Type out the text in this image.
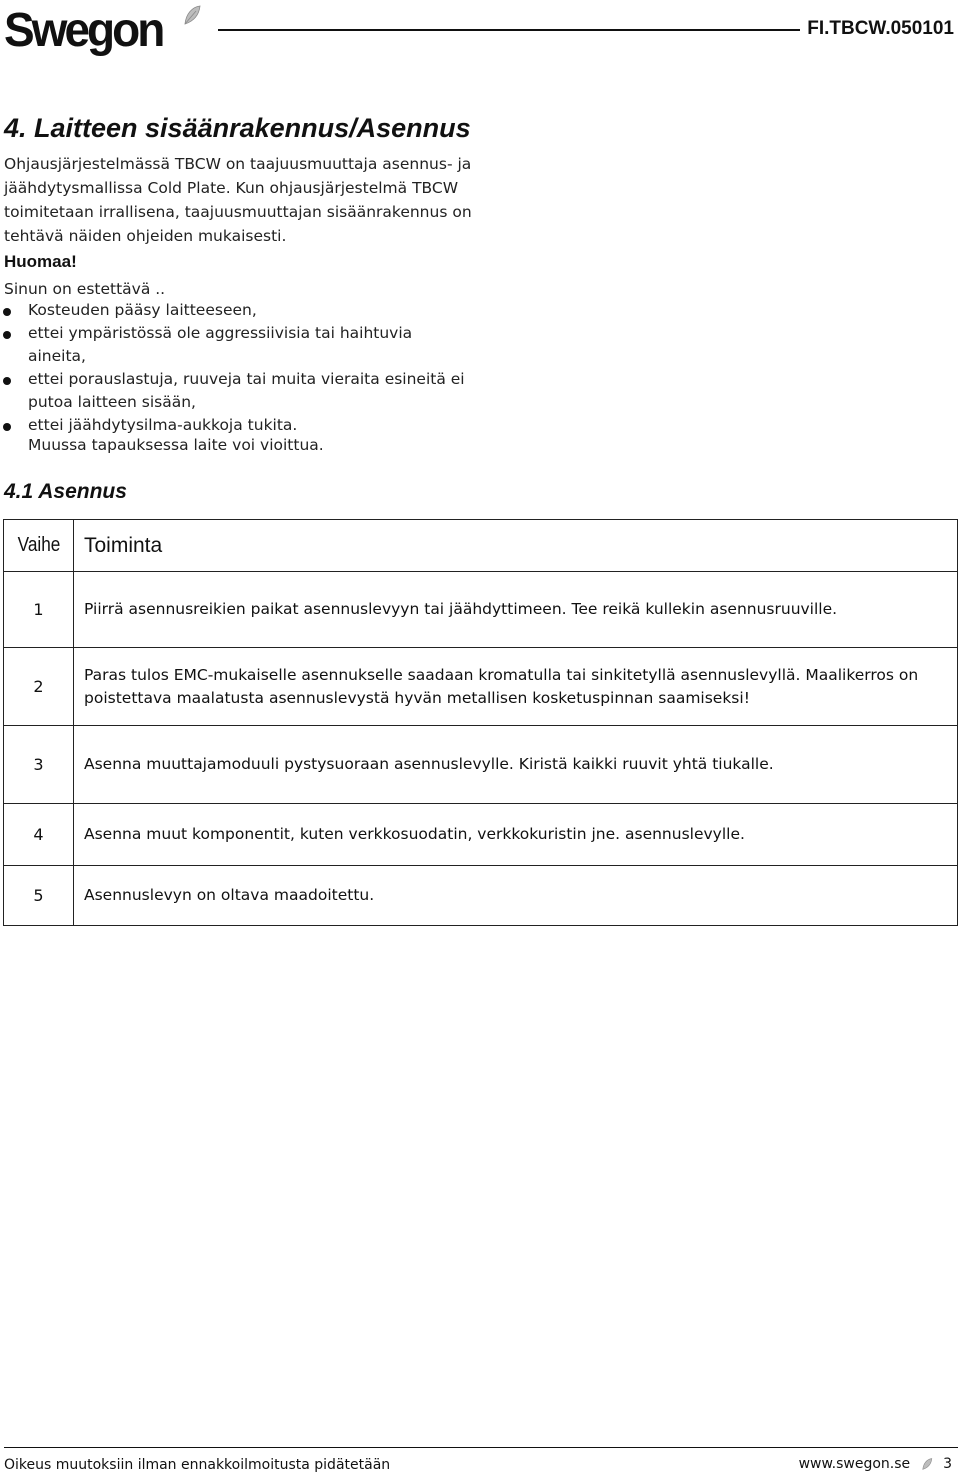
Swegon	FI.TBCW.050101
4. Laitteen sisäänrakennus/Asennus

Ohjausjärjestelmässä TBCW on taajuusmuuttaja asennus- ja jäähdytysmallissa Cold Plate. Kun ohjausjärjestelmä TBCW toimitetaan irrallisena, taajuusmuuttajan sisäänrakennus on tehtävä näiden ohjeiden mukaisesti.

Huomaa!

Sinun on estettävä ..

Kosteuden pääsy laitteeseen,
ettei ympäristössä ole aggressiivisia tai haihtuvia aineita,
ettei porauslastuja, ruuveja tai muita vieraita esineitä ei putoa laitteen sisään,
ettei jäähdytysilma-aukkoja tukita.

Muussa tapauksessa laite voi vioittua.

4.1 Asennus
Vaihe	Toiminta
1	Piirrä asennusreikien paikat asennuslevyyn tai jäähdyttimeen. Tee reikä kullekin asennusruuville.
2	Paras tulos EMC-mukaiselle asennukselle saadaan kromatulla tai sinkitetyllä asennuslevyllä. Maalikerros on poistettava maalatusta asennuslevystä hyvän metallisen kosketuspinnan saamiseksi!
3	Asenna muuttajamoduuli pystysuoraan asennuslevylle. Kiristä kaikki ruuvit yhtä tiukalle.
4	Asenna muut komponentit, kuten verkkosuodatin, verkkokuristin jne. asennuslevylle.
5	Asennuslevyn on oltava maadoitettu.
Oikeus muutoksiin ilman ennakkoilmoitusta pidätetään	www.swegon.se 3
